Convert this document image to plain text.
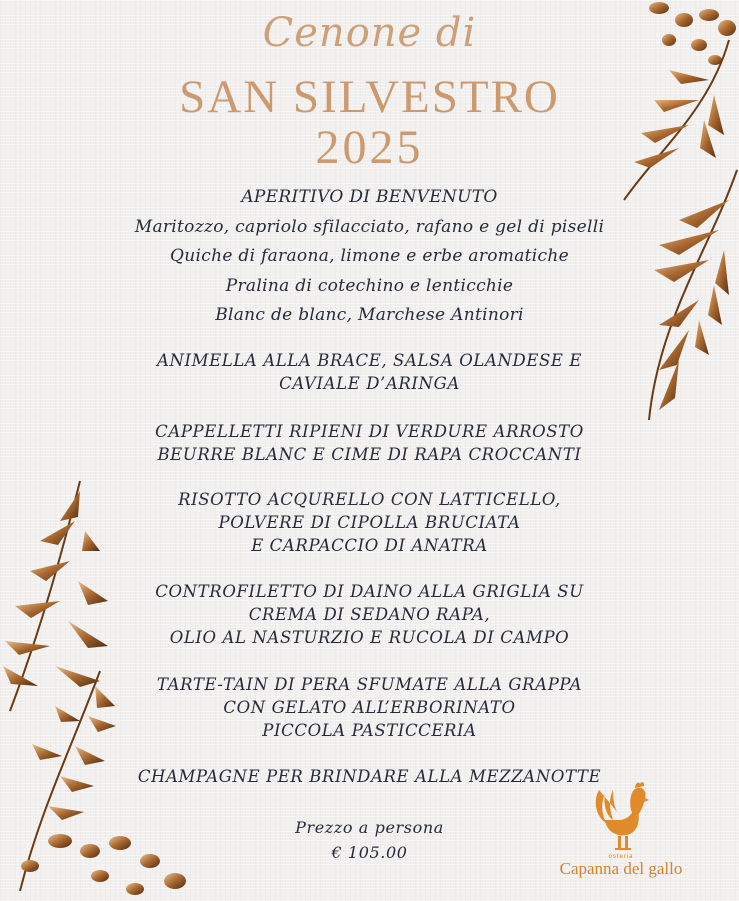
Cenone di
SAN SILVESTRO
2025
APERITIVO DI BENVENUTO
Maritozzo, capriolo sfilacciato, rafano e gel di piselli
Quiche di faraona, limone e erbe aromatiche
Pralina di cotechino e lenticchie
Blanc de blanc, Marchese Antinori
ANIMELLA ALLA BRACE, SALSA OLANDESE E
CAVIALE D’ARINGA
CAPPELLETTI RIPIENI DI VERDURE ARROSTO
BEURRE BLANC E CIME DI RAPA CROCCANTI
RISOTTO ACQURELLO CON LATTICELLO,
POLVERE DI CIPOLLA BRUCIATA
E CARPACCIO DI ANATRA
CONTROFILETTO DI DAINO ALLA GRIGLIA SU
CREMA DI SEDANO RAPA,
OLIO AL NASTURZIO E RUCOLA DI CAMPO
TARTE-TAIN DI PERA SFUMATE ALLA GRAPPA
CON GELATO ALL’ERBORINATO
PICCOLA PASTICCERIA
CHAMPAGNE PER BRINDARE ALLA MEZZANOTTE
Prezzo a persona
€ 105.00	osteria
Capanna del gallo
